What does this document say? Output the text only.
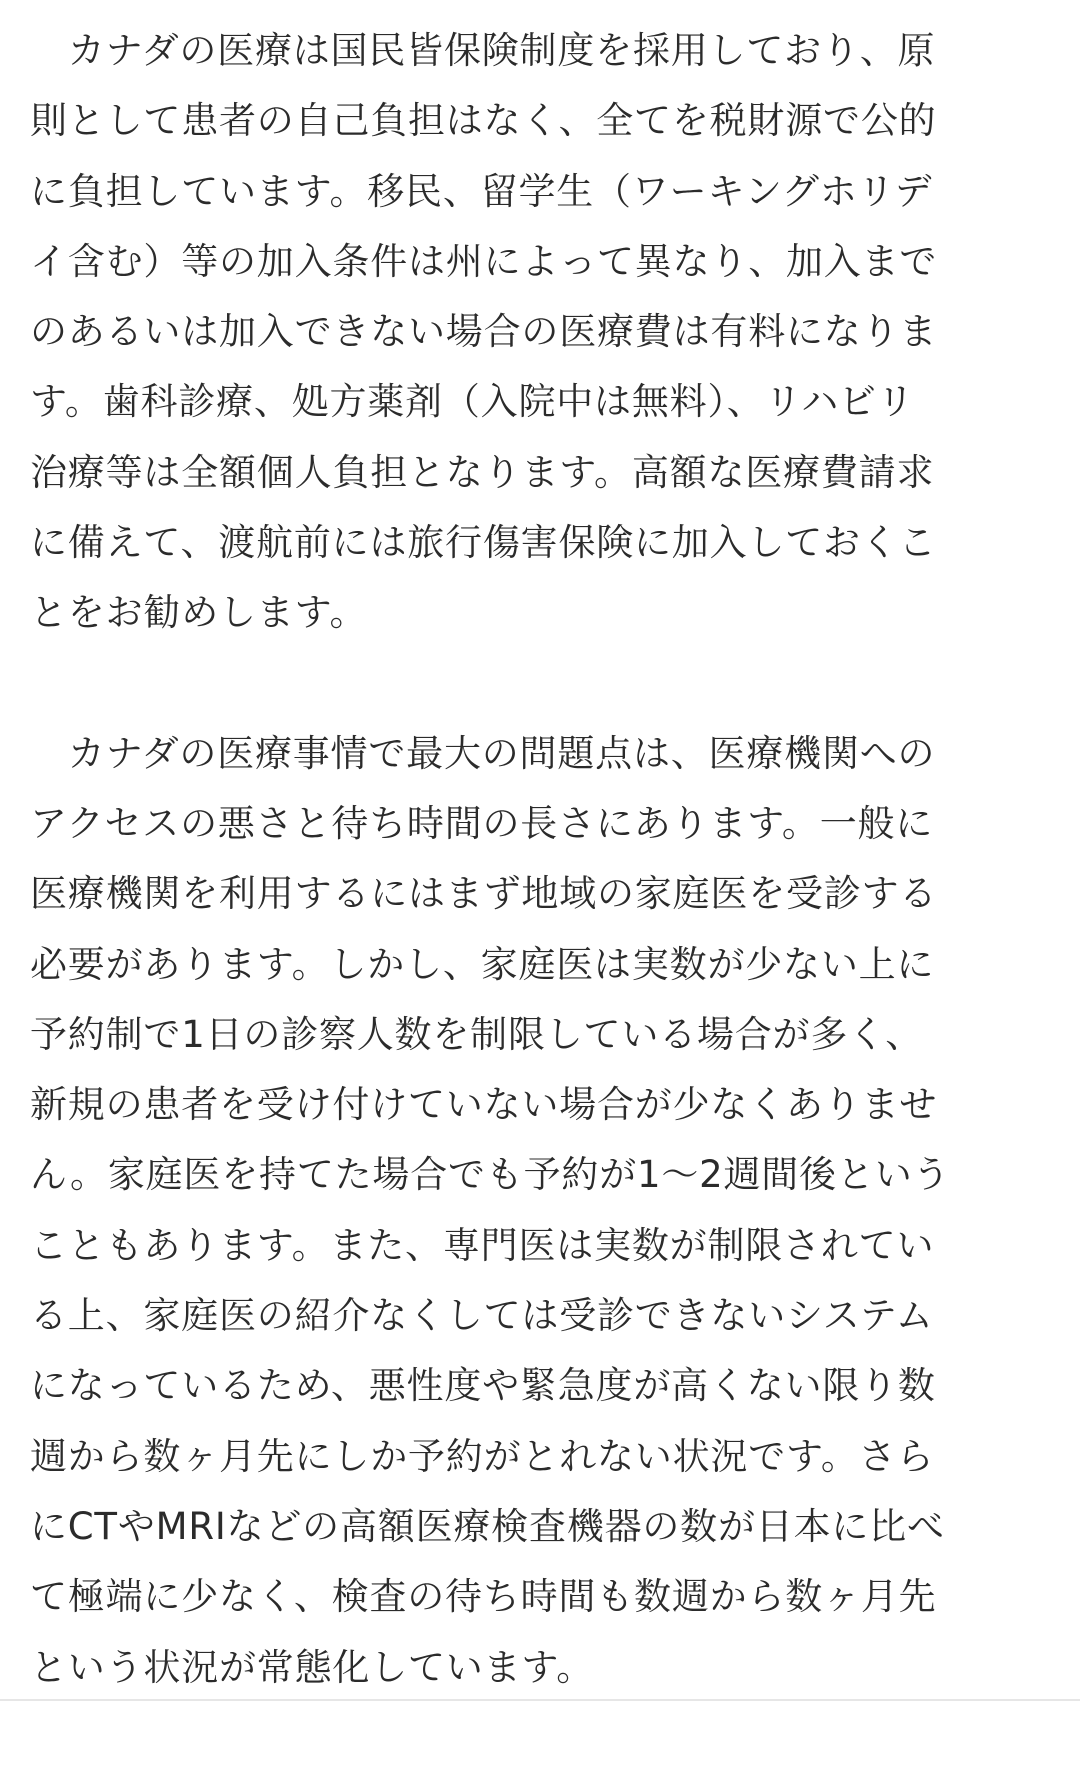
　カナダの医療は国民皆保険制度を採用しており、原
則として患者の自己負担はなく、全てを税財源で公的
に負担しています。移民、留学生（ワーキングホリデ
イ含む）等の加入条件は州によって異なり、加入まで
のあるいは加入できない場合の医療費は有料になりま
す。歯科診療、処方薬剤（入院中は無料）、リハビリ
治療等は全額個人負担となります。高額な医療費請求
に備えて、渡航前には旅行傷害保険に加入しておくこ
とをお勧めします。
　カナダの医療事情で最大の問題点は、医療機関への
アクセスの悪さと待ち時間の長さにあります。一般に
医療機関を利用するにはまず地域の家庭医を受診する
必要があります。しかし、家庭医は実数が少ない上に
予約制で1日の診察人数を制限している場合が多く、
新規の患者を受け付けていない場合が少なくありませ
ん。家庭医を持てた場合でも予約が1～2週間後という
こともあります。また、専門医は実数が制限されてい
る上、家庭医の紹介なくしては受診できないシステム
になっているため、悪性度や緊急度が高くない限り数
週から数ヶ月先にしか予約がとれない状況です。さら
にCTやMRIなどの高額医療検査機器の数が日本に比べ
て極端に少なく、検査の待ち時間も数週から数ヶ月先
という状況が常態化しています。
